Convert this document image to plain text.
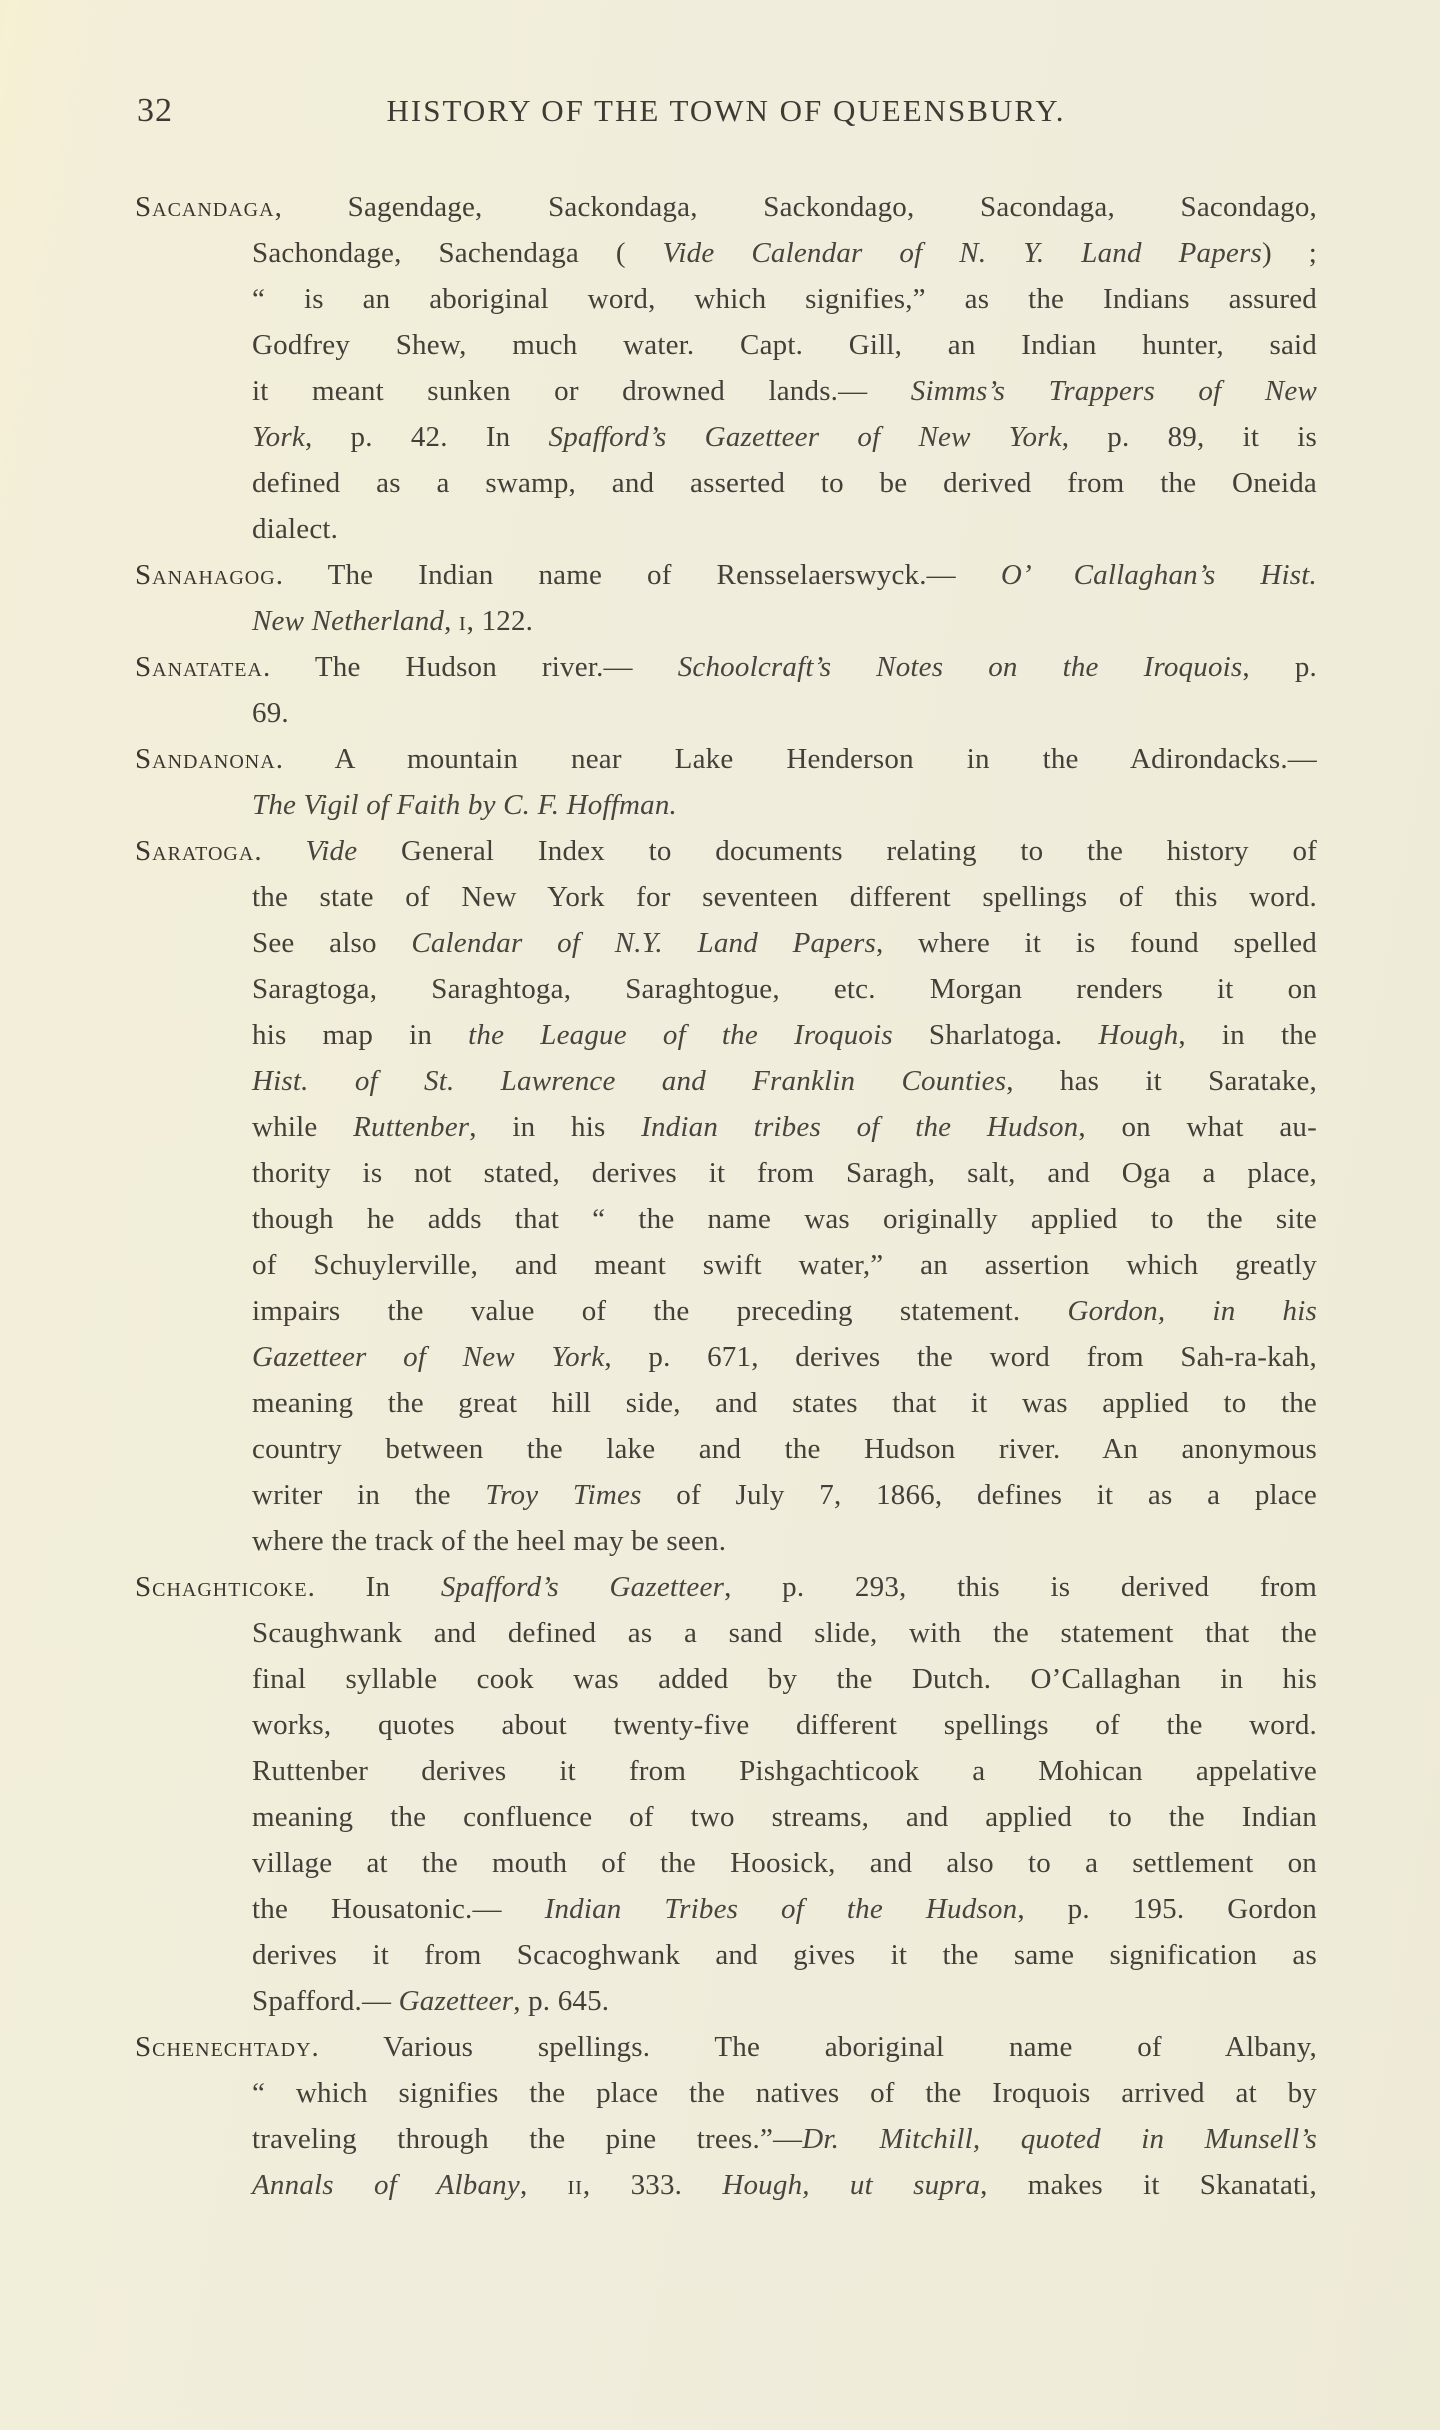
32	HISTORY OF THE TOWN OF QUEENSBURY.
Sacandaga, Sagendage, Sackondaga, Sackondago, Sacondaga, Sacondago,
Sachondage, Sachendaga ( Vide Calendar of N. Y. Land Papers) ;
“ is an aboriginal word, which signifies,” as the Indians assured
Godfrey Shew, much water. Capt. Gill, an Indian hunter, said
it meant sunken or drowned lands.— Simms’s Trappers of New
York, p. 42. In Spafford’s Gazetteer of New York, p. 89, it is
defined as a swamp, and asserted to be derived from the Oneida
dialect.
Sanahagog. The Indian name of Rensselaerswyck.— O’ Callaghan’s Hist.
New Netherland, i, 122.
Sanatatea. The Hudson river.— Schoolcraft’s Notes on the Iroquois, p.
69.
Sandanona. A mountain near Lake Henderson in the Adirondacks.—
The Vigil of Faith by C. F. Hoffman.
Saratoga. Vide General Index to documents relating to the history of
the state of New York for seventeen different spellings of this word.
See also Calendar of N.Y. Land Papers, where it is found spelled
Saragtoga, Saraghtoga, Saraghtogue, etc. Morgan renders it on
his map in the League of the Iroquois Sharlatoga. Hough, in the
Hist. of St. Lawrence and Franklin Counties, has it Saratake,
while Ruttenber, in his Indian tribes of the Hudson, on what au-
thority is not stated, derives it from Saragh, salt, and Oga a place,
though he adds that “ the name was originally applied to the site
of Schuylerville, and meant swift water,” an assertion which greatly
impairs the value of the preceding statement. Gordon, in his
Gazetteer of New York, p. 671, derives the word from Sah-ra-kah,
meaning the great hill side, and states that it was applied to the
country between the lake and the Hudson river. An anonymous
writer in the Troy Times of July 7, 1866, defines it as a place
where the track of the heel may be seen.
Schaghticoke. In Spafford’s Gazetteer, p. 293, this is derived from
Scaughwank and defined as a sand slide, with the statement that the
final syllable cook was added by the Dutch. O’Callaghan in his
works, quotes about twenty-five different spellings of the word.
Ruttenber derives it from Pishgachticook a Mohican appelative
meaning the confluence of two streams, and applied to the Indian
village at the mouth of the Hoosick, and also to a settlement on
the Housatonic.— Indian Tribes of the Hudson, p. 195. Gordon
derives it from Scacoghwank and gives it the same signification as
Spafford.— Gazetteer, p. 645.
Schenechtady. Various spellings. The aboriginal name of Albany,
“ which signifies the place the natives of the Iroquois arrived at by
traveling through the pine trees.”—Dr. Mitchill, quoted in Munsell’s
Annals of Albany, ii, 333. Hough, ut supra, makes it Skanatati,
